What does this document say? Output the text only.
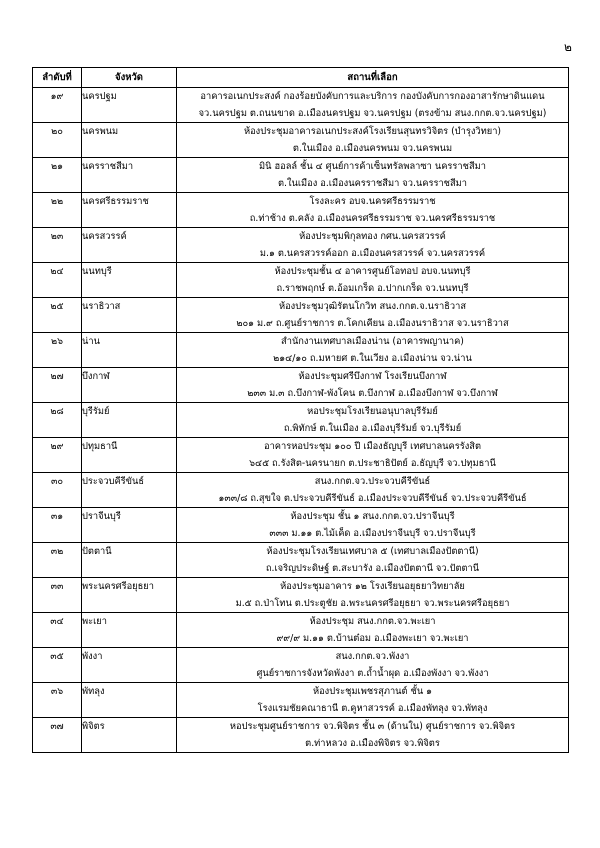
๒
ลำดับที่	จังหวัด	สถานที่เลือก
๑๙	นครปฐม	อาคารอเนกประสงค์ กองร้อยบังคับการและบริการ กองบังคับการกองอาสารักษาดินแดน
จว.นครปฐม ต.ถนนขาด อ.เมืองนครปฐม จว.นครปฐม (ตรงข้าม สนง.กกต.จว.นครปฐม)

๒๐	นครพนม	ห้องประชุมอาคารอเนกประสงค์โรงเรียนสุนทรวิจิตร (บำรุงวิทยา)
ต.ในเมือง อ.เมืองนครพนม จว.นครพนม

๒๑	นครราชสีมา	มินิ ฮอลล์ ชั้น ๔ ศูนย์การค้าเซ็นทรัลพลาซา นครราชสีมา
ต.ในเมือง อ.เมืองนครราชสีมา จว.นครราชสีมา

๒๒	นครศรีธรรมราช	โรงละคร อบจ.นครศรีธรรมราช
ถ.ท่าช้าง ต.คลัง อ.เมืองนครศรีธรรมราช จว.นครศรีธรรมราช

๒๓	นครสวรรค์	ห้องประชุมพิกุลทอง กศน.นครสวรรค์
ม.๑ ต.นครสวรรค์ออก อ.เมืองนครสวรรค์ จว.นครสวรรค์

๒๔	นนทบุรี	ห้องประชุมชั้น ๔ อาคารศูนย์โอทอป อบจ.นนทบุรี
ถ.ราชพฤกษ์ ต.อ้อมเกร็ด อ.ปากเกร็ด จว.นนทบุรี

๒๕	นราธิวาส	ห้องประชุมวุฒิรัตนโกวิท สนง.กกต.จ.นราธิวาส
๒๐๑ ม.๙ ถ.ศูนย์ราชการ ต.โคกเคียน อ.เมืองนราธิวาส จว.นราธิวาส

๒๖	น่าน	สำนักงานเทศบาลเมืองน่าน (อาคารพญานาค)
๒๑๔/๑๐ ถ.มหายศ ต.ในเวียง อ.เมืองน่าน จว.น่าน

๒๗	บึงกาฬ	ห้องประชุมศรีบึงกาฬ โรงเรียนบึงกาฬ
๒๓๓ ม.๓ ถ.บึงกาฬ-พังโคน ต.บึงกาฬ อ.เมืองบึงกาฬ จว.บึงกาฬ

๒๘	บุรีรัมย์	หอประชุมโรงเรียนอนุบาลบุรีรัมย์
ถ.พิทักษ์ ต.ในเมือง อ.เมืองบุรีรัมย์ จว.บุรีรัมย์

๒๙	ปทุมธานี	อาคารหอประชุม ๑๐๐ ปี เมืองธัญบุรี เทศบาลนครรังสิต
๖๔๕ ถ.รังสิต-นครนายก ต.ประชาธิปัตย์ อ.ธัญบุรี จว.ปทุมธานี

๓๐	ประจวบคีรีขันธ์	สนง.กกต.จว.ประจวบคีรีขันธ์
๑๓๓/๘ ถ.สุขใจ ต.ประจวบคีรีขันธ์ อ.เมืองประจวบคีรีขันธ์ จว.ประจวบคีรีขันธ์

๓๑	ปราจีนบุรี	ห้องประชุม ชั้น ๑ สนง.กกต.จว.ปราจีนบุรี
๓๓๓ ม.๑๑ ต.ไม้เค็ด อ.เมืองปราจีนบุรี จว.ปราจีนบุรี

๓๒	ปัตตานี	ห้องประชุมโรงเรียนเทศบาล ๕ (เทศบาลเมืองปัตตานี)
ถ.เจริญประดิษฐ์ ต.สะบารัง อ.เมืองปัตตานี จว.ปัตตานี

๓๓	พระนครศรีอยุธยา	ห้องประชุมอาคาร ๑๒ โรงเรียนอยุธยาวิทยาลัย
ม.๕ ถ.ป่าโทน ต.ประตูชัย อ.พระนครศรีอยุธยา จว.พระนครศรีอยุธยา

๓๔	พะเยา	ห้องประชุม สนง.กกต.จว.พะเยา
๙๙/๙ ม.๑๑ ต.บ้านต๋อม อ.เมืองพะเยา จว.พะเยา

๓๕	พังงา	สนง.กกต.จว.พังงา
ศูนย์ราชการจังหวัดพังงา ต.ถ้ำน้ำผุด อ.เมืองพังงา จว.พังงา

๓๖	พัทลุง	ห้องประชุมเพชรสุภานต์ ชั้น ๑
โรงแรมชัยคณาธานี ต.คูหาสวรรค์ อ.เมืองพัทลุง จว.พัทลุง

๓๗	พิจิตร	หอประชุมศูนย์ราชการ จว.พิจิตร ชั้น ๓ (ด้านใน) ศูนย์ราชการ จว.พิจิตร
ต.ท่าหลวง อ.เมืองพิจิตร จว.พิจิตร
